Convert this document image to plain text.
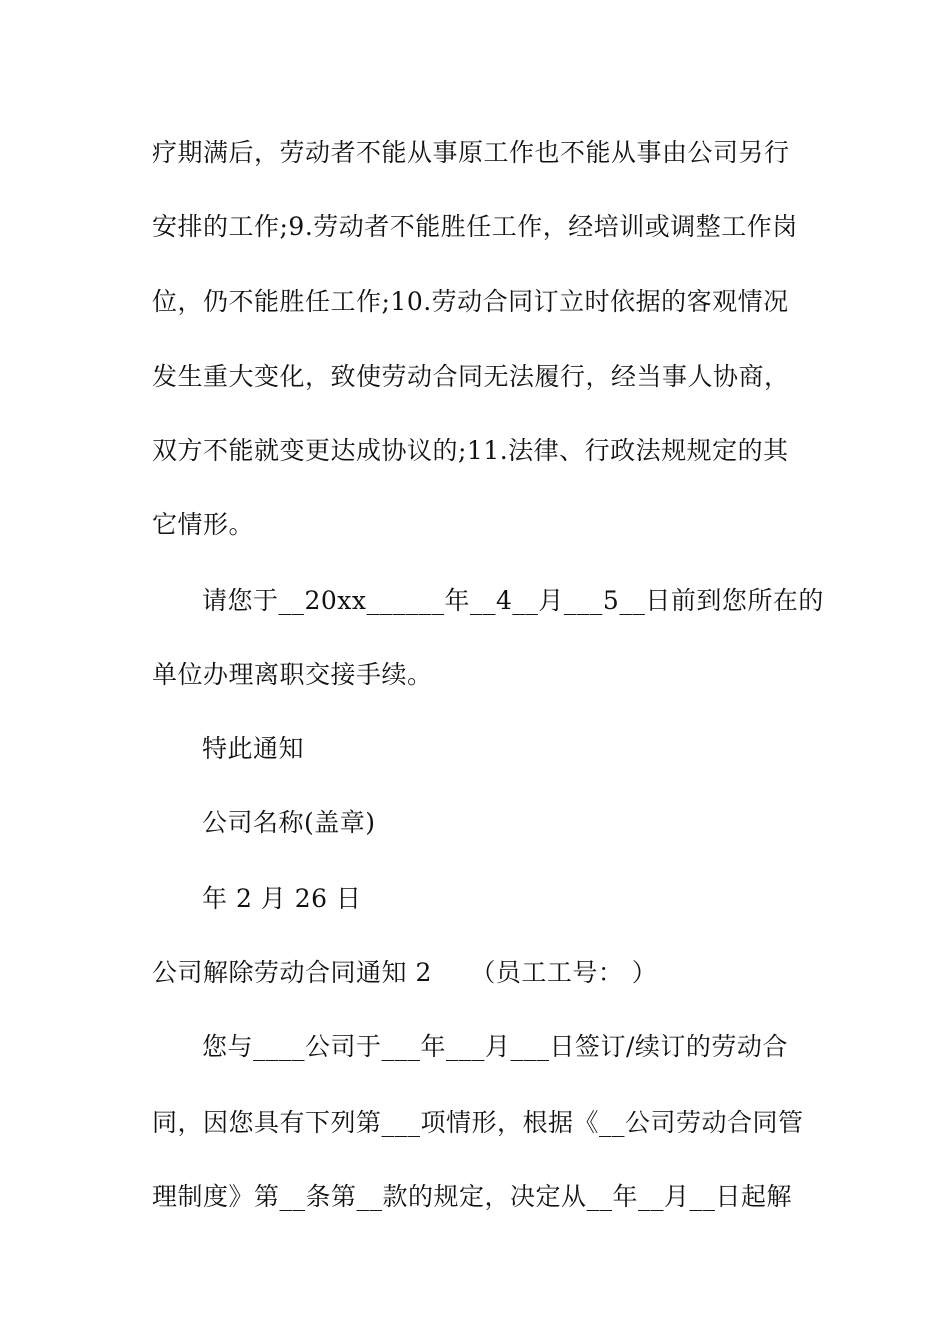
疗期满后，劳动者不能从事原工作也不能从事由公司另行
安排的工作;9.劳动者不能胜任工作，经培训或调整工作岗
位，仍不能胜任工作;10.劳动合同订立时依据的客观情况
发生重大变化，致使劳动合同无法履行，经当事人协商，
双方不能就变更达成协议的;11.法律、行政法规规定的其
它情形。
请您于__20xx______年__4__月___5__日前到您所在的
单位办理离职交接手续。
特此通知
公司名称(盖章)
年 2 月 26 日
公司解除劳动合同通知 2　　（员工工号： ）
您与____公司于___年___月___日签订/续订的劳动合
同，因您具有下列第___项情形，根据《__公司劳动合同管
理制度》第__条第__款的规定，决定从__年__月__日起解
